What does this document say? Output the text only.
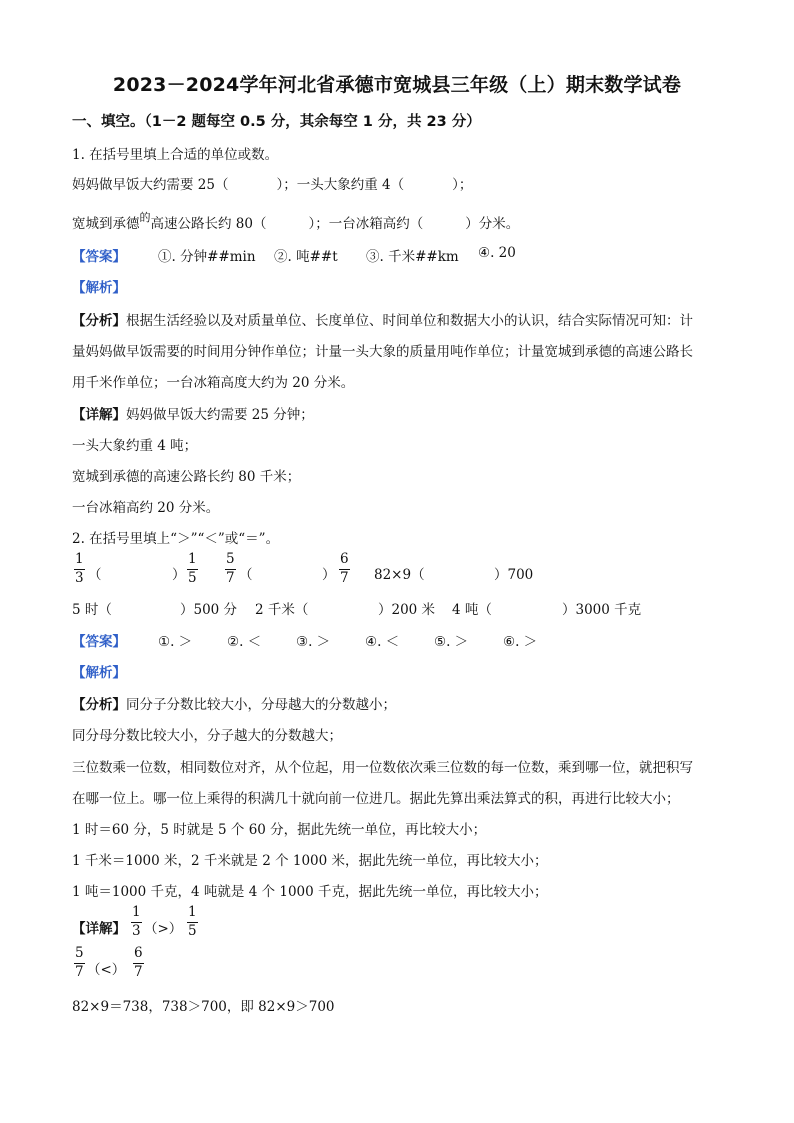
2023－2024学年河北省承德市宽城县三年级（上）期末数学试卷
一、填空。（1－2 题每空 0.5 分，其余每空 1 分，共 23 分）
1. 在括号里填上合适的单位或数。
妈妈做早饭大约需要 25（	）；一头大象约重 4（	）；
宽城到承德$^的$高速公路长约 80（	）；一台冰箱高约（	）分米。
【答案】 ①. 分钟##min ②. 吨##t ③. 千米##km ④. 20
【解析】
【分析】根据生活经验以及对质量单位、长度单位、时间单位和数据大小的认识，结合实际情况可知：计
量妈妈做早饭需要的时间用分钟作单位；计量一头大象的质量用吨作单位；计量宽城到承德的高速公路长
用千米作单位；一台冰箱高度大约为 20 分米。
【详解】妈妈做早饭大约需要 25 分钟；
一头大象约重 4 吨；
宽城到承德的高速公路长约 80 千米；
一台冰箱高约 20 分米。
2. 在括号里填上“＞”“＜”或“＝”。
1
3 （	）
1
5
5
7 （	）
6
7 82×9（	）700
5 时（	）500 分 2 千米（	）200 米 4 吨（	）3000 千克
【答案】 ①. ＞	②. ＜	③. ＞	④. ＜	⑤. ＞	⑥. ＞
【解析】
【分析】同分子分数比较大小，分母越大的分数越小；
同分母分数比较大小，分子越大的分数越大；
三位数乘一位数，相同数位对齐，从个位起，用一位数依次乘三位数的每一位数，乘到哪一位，就把积写
在哪一位上。哪一位上乘得的积满几十就向前一位进几。据此先算出乘法算式的积，再进行比较大小；
1 时＝60 分，5 时就是 5 个 60 分，据此先统一单位，再比较大小；
1 千米＝1000 米，2 千米就是 2 个 1000 米，据此先统一单位，再比较大小；
1 吨＝1000 千克，4 吨就是 4 个 1000 千克，据此先统一单位，再比较大小；
【详解】
1
3 （>）
1
5
5
7 （<）
6
7
82×9＝738，738＞700，即 82×9＞700
